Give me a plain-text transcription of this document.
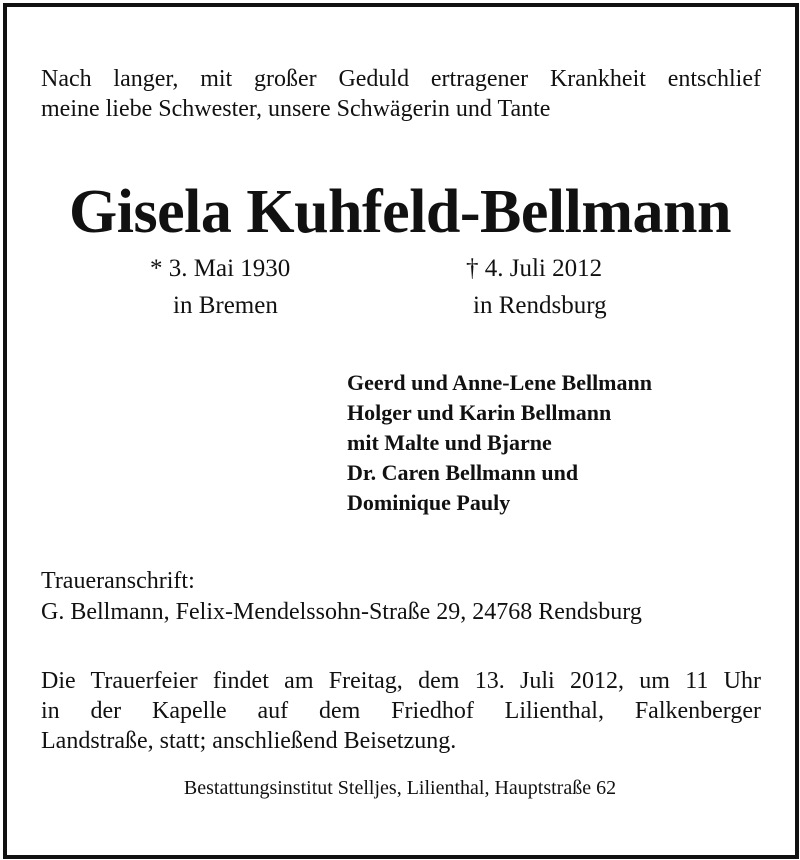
Nach langer, mit großer Geduld ertragener Krankheit entschlief
meine liebe Schwester, unsere Schwägerin und Tante
Gisela Kuhfeld-Bellmann
* 3. Mai 1930
in Bremen
† 4. Juli 2012
in Rendsburg
Geerd und Anne-Lene Bellmann
Holger und Karin Bellmann
mit Malte und Bjarne
Dr. Caren Bellmann und
Dominique Pauly
Traueranschrift:
G. Bellmann, Felix-Mendelssohn-Straße 29, 24768 Rendsburg
Die Trauerfeier findet am Freitag, dem 13. Juli 2012, um 11 Uhr
in der Kapelle auf dem Friedhof Lilienthal, Falkenberger
Landstraße, statt; anschließend Beisetzung.
Bestattungsinstitut Stelljes, Lilienthal, Hauptstraße 62
